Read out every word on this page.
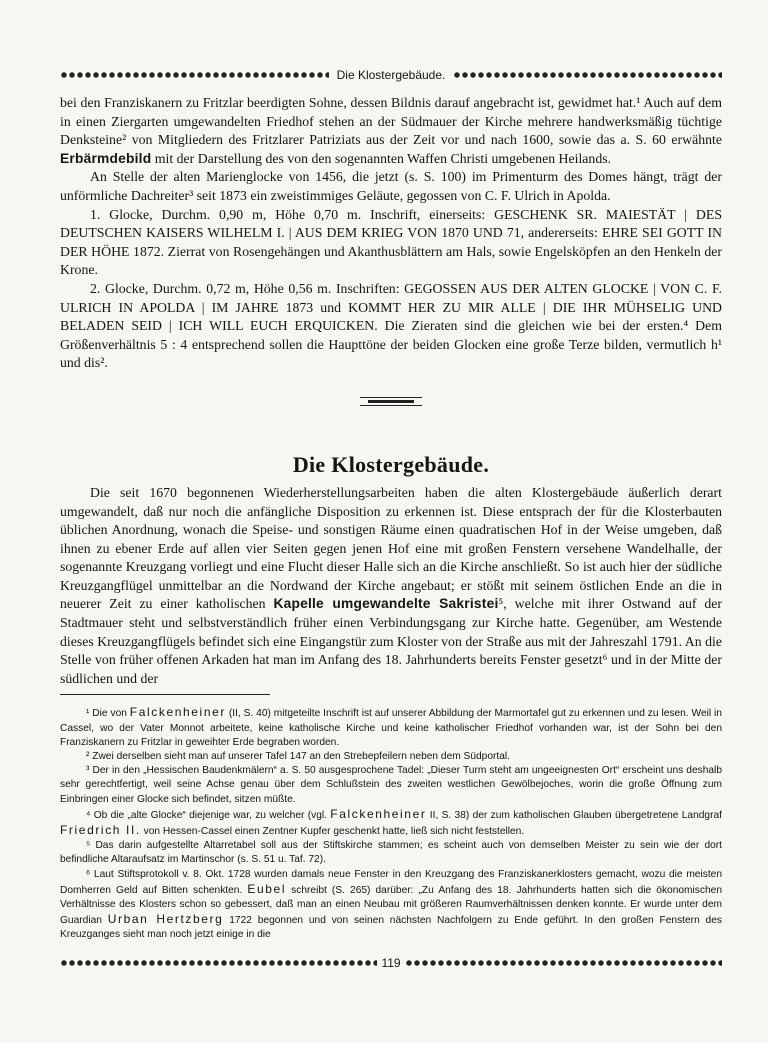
Die Klostergebäude.

bei den Franziskanern zu Fritzlar beerdigten Sohne, dessen Bildnis darauf angebracht ist, gewidmet hat.¹ Auch auf dem in einen Ziergarten umgewandelten Friedhof stehen an der Südmauer der Kirche mehrere handwerksmäßig tüchtige Denksteine² von Mitgliedern des Fritzlarer Patriziats aus der Zeit vor und nach 1600, sowie das a. S. 60 erwähnte Erbärmdebild mit der Darstellung des von den sogenannten Waffen Christi umgebenen Heilands.

An Stelle der alten Marienglocke von 1456, die jetzt (s. S. 100) im Primenturm des Domes hängt, trägt der unförmliche Dachreiter³ seit 1873 ein zweistimmiges Geläute, gegossen von C. F. Ulrich in Apolda.

1. Glocke, Durchm. 0,90 m, Höhe 0,70 m. Inschrift, einerseits: GESCHENK SR. MAIESTÄT | DES DEUTSCHEN KAISERS WILHELM I. | AUS DEM KRIEG VON 1870 UND 71, andererseits: EHRE SEI GOTT IN DER HÖHE 1872. Zierrat von Rosengehängen und Akanthusblättern am Hals, sowie Engelsköpfen an den Henkeln der Krone.

2. Glocke, Durchm. 0,72 m, Höhe 0,56 m. Inschriften: GEGOSSEN AUS DER ALTEN GLOCKE | VON C. F. ULRICH IN APOLDA | IM JAHRE 1873 und KOMMT HER ZU MIR ALLE | DIE IHR MÜHSELIG UND BELADEN SEID | ICH WILL EUCH ERQUICKEN. Die Zieraten sind die gleichen wie bei der ersten.⁴ Dem Größenverhältnis 5 : 4 entsprechend sollen die Haupttöne der beiden Glocken eine große Terze bilden, vermutlich h¹ und dis².

Die Klostergebäude.

Die seit 1670 begonnenen Wiederherstellungsarbeiten haben die alten Klostergebäude äußerlich derart umgewandelt, daß nur noch die anfängliche Disposition zu erkennen ist. Diese entsprach der für die Klosterbauten üblichen Anordnung, wonach die Speise- und sonstigen Räume einen quadratischen Hof in der Weise umgeben, daß ihnen zu ebener Erde auf allen vier Seiten gegen jenen Hof eine mit großen Fenstern versehene Wandelhalle, der sogenannte Kreuzgang vorliegt und eine Flucht dieser Halle sich an die Kirche anschließt. So ist auch hier der südliche Kreuzgangflügel unmittelbar an die Nordwand der Kirche angebaut; er stößt mit seinem östlichen Ende an die in neuerer Zeit zu einer katholischen Kapelle umgewandelte Sakristei⁵, welche mit ihrer Ostwand auf der Stadtmauer steht und selbstverständlich früher einen Verbindungsgang zur Kirche hatte. Gegenüber, am Westende dieses Kreuzgangflügels befindet sich eine Eingangstür zum Kloster von der Straße aus mit der Jahreszahl 1791. An die Stelle von früher offenen Arkaden hat man im Anfang des 18. Jahrhunderts bereits Fenster gesetzt⁶ und in der Mitte der südlichen und der

¹ Die von Falckenheiner (II, S. 40) mitgeteilte Inschrift ist auf unserer Abbildung der Marmortafel gut zu erkennen und zu lesen. Weil in Cassel, wo der Vater Monnot arbeitete, keine katholische Kirche und keine katholischer Friedhof vorhanden war, ist der Sohn bei den Franziskanern zu Fritzlar in geweihter Erde begraben worden.

² Zwei derselben sieht man auf unserer Tafel 147 an den Strebepfeilern neben dem Südportal.

³ Der in den „Hessischen Baudenkmälern“ a. S. 50 ausgesprochene Tadel: „Dieser Turm steht am ungeeignesten Ort“ erscheint uns deshalb sehr gerechtfertigt, weil seine Achse genau über dem Schlußstein des zweiten westlichen Gewölbejoches, worin die große Öffnung zum Einbringen einer Glocke sich befindet, sitzen müßte.

⁴ Ob die „alte Glocke“ diejenige war, zu welcher (vgl. Falckenheiner II, S. 38) der zum katholischen Glauben übergetretene Landgraf Friedrich II. von Hessen-Cassel einen Zentner Kupfer geschenkt hatte, ließ sich nicht feststellen.

⁵ Das darin aufgestellte Altarretabel soll aus der Stiftskirche stammen; es scheint auch von demselben Meister zu sein wie der dort befindliche Altaraufsatz im Martinschor (s. S. 51 u. Taf. 72).

⁶ Laut Stiftsprotokoll v. 8. Okt. 1728 wurden damals neue Fenster in den Kreuzgang des Franziskanerklosters gemacht, wozu die meisten Domherren Geld auf Bitten schenkten. Eubel schreibt (S. 265) darüber: „Zu Anfang des 18. Jahrhunderts hatten sich die ökonomischen Verhältnisse des Klosters schon so gebessert, daß man an einen Neubau mit größeren Raumverhältnissen denken konnte. Er wurde unter dem Guardian Urban Hertzberg 1722 begonnen und von seinen nächsten Nachfolgern zu Ende geführt. In den großen Fenstern des Kreuzganges sieht man noch jetzt einige in die

119
